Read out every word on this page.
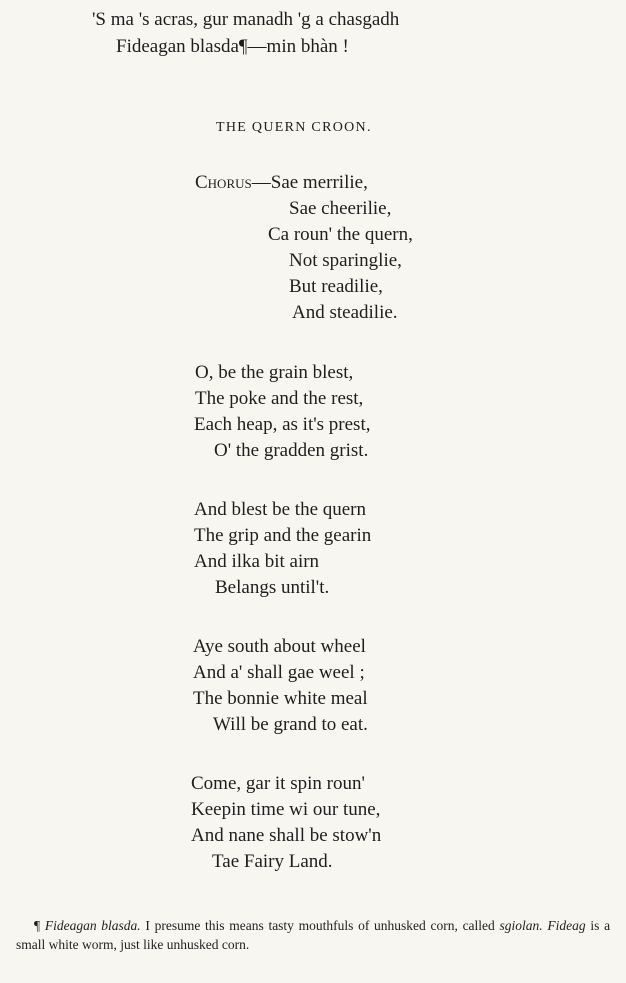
'S ma 's acras, gur manadh 'g a chasgadh
Fideagan blasda¶—min bhàn !
THE QUERN CROON.
Chorus—Sae merrilie,
Sae cheerilie,
Ca roun' the quern,
Not sparinglie,
But readilie,
And steadilie.
O, be the grain blest,
The poke and the rest,
Each heap, as it's prest,
O' the gradden grist.
And blest be the quern
The grip and the gearin
And ilka bit airn
Belangs until't.
Aye south about wheel
And a' shall gae weel ;
The bonnie white meal
Will be grand to eat.
Come, gar it spin roun'
Keepin time wi our tune,
And nane shall be stow'n
Tae Fairy Land.
¶ Fideagan blasda. I presume this means tasty mouthfuls of unhusked corn, called sgiolan. Fideag is a small white worm, just like unhusked corn.
